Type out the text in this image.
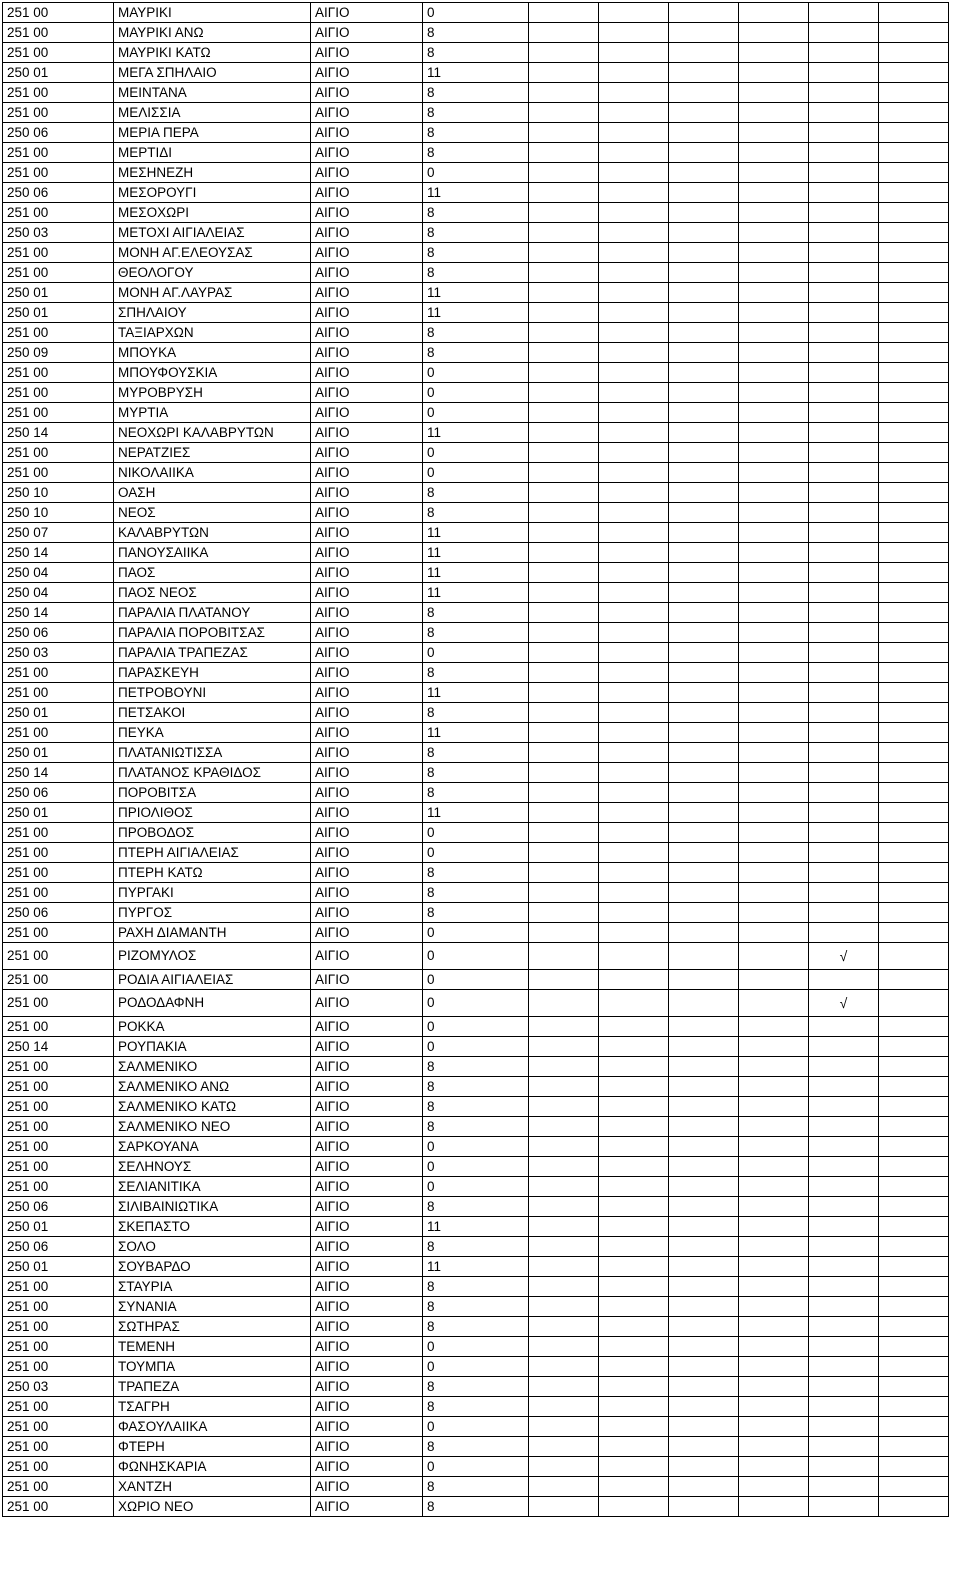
251 00	ΜΑΥΡΙΚΙ	ΑΙΓΙΟ	0						
251 00	ΜΑΥΡΙΚΙ ΑΝΩ	ΑΙΓΙΟ	8						
251 00	ΜΑΥΡΙΚΙ ΚΑΤΩ	ΑΙΓΙΟ	8						
250 01	ΜΕΓΑ ΣΠΗΛΑΙΟ	ΑΙΓΙΟ	11						
251 00	ΜΕΙΝΤΑΝΑ	ΑΙΓΙΟ	8						
251 00	ΜΕΛΙΣΣΙΑ	ΑΙΓΙΟ	8						
250 06	ΜΕΡΙΑ ΠΕΡΑ	ΑΙΓΙΟ	8						
251 00	ΜΕΡΤΙΔΙ	ΑΙΓΙΟ	8						
251 00	ΜΕΣΗΝΕΖΗ	ΑΙΓΙΟ	0						
250 06	ΜΕΣΟΡΟΥΓΙ	ΑΙΓΙΟ	11						
251 00	ΜΕΣΟΧΩΡΙ	ΑΙΓΙΟ	8						
250 03	ΜΕΤΟΧΙ ΑΙΓΙΑΛΕΙΑΣ	ΑΙΓΙΟ	8						
251 00	ΜΟΝΗ ΑΓ.ΕΛΕΟΥΣΑΣ	ΑΙΓΙΟ	8						
251 00	ΘΕΟΛΟΓΟΥ	ΑΙΓΙΟ	8						
250 01	ΜΟΝΗ ΑΓ.ΛΑΥΡΑΣ	ΑΙΓΙΟ	11						
250 01	ΣΠΗΛΑΙΟΥ	ΑΙΓΙΟ	11						
251 00	ΤΑΞΙΑΡΧΩΝ	ΑΙΓΙΟ	8						
250 09	ΜΠΟΥΚΑ	ΑΙΓΙΟ	8						
251 00	ΜΠΟΥΦΟΥΣΚΙΑ	ΑΙΓΙΟ	0						
251 00	ΜΥΡΟΒΡΥΣΗ	ΑΙΓΙΟ	0						
251 00	ΜΥΡΤΙΑ	ΑΙΓΙΟ	0						
250 14	ΝΕΟΧΩΡΙ ΚΑΛΑΒΡΥΤΩΝ	ΑΙΓΙΟ	11						
251 00	ΝΕΡΑΤΖΙΕΣ	ΑΙΓΙΟ	0						
251 00	ΝΙΚΟΛΑΙΙΚΑ	ΑΙΓΙΟ	0						
250 10	ΟΑΣΗ	ΑΙΓΙΟ	8						
250 10	ΝΕΟΣ	ΑΙΓΙΟ	8						
250 07	ΚΑΛΑΒΡΥΤΩΝ	ΑΙΓΙΟ	11						
250 14	ΠΑΝΟΥΣΑΙΙΚΑ	ΑΙΓΙΟ	11						
250 04	ΠΑΟΣ	ΑΙΓΙΟ	11						
250 04	ΠΑΟΣ ΝΕΟΣ	ΑΙΓΙΟ	11						
250 14	ΠΑΡΑΛΙΑ ΠΛΑΤΑΝΟΥ	ΑΙΓΙΟ	8						
250 06	ΠΑΡΑΛΙΑ ΠΟΡΟΒΙΤΣΑΣ	ΑΙΓΙΟ	8						
250 03	ΠΑΡΑΛΙΑ ΤΡΑΠΕΖΑΣ	ΑΙΓΙΟ	0						
251 00	ΠΑΡΑΣΚΕΥΗ	ΑΙΓΙΟ	8						
251 00	ΠΕΤΡΟΒΟΥΝΙ	ΑΙΓΙΟ	11						
250 01	ΠΕΤΣΑΚΟΙ	ΑΙΓΙΟ	8						
251 00	ΠΕΥΚΑ	ΑΙΓΙΟ	11						
250 01	ΠΛΑΤΑΝΙΩΤΙΣΣΑ	ΑΙΓΙΟ	8						
250 14	ΠΛΑΤΑΝΟΣ ΚΡΑΘΙΔΟΣ	ΑΙΓΙΟ	8						
250 06	ΠΟΡΟΒΙΤΣΑ	ΑΙΓΙΟ	8						
250 01	ΠΡΙΟΛΙΘΟΣ	ΑΙΓΙΟ	11						
251 00	ΠΡΟΒΟΔΟΣ	ΑΙΓΙΟ	0						
251 00	ΠΤΕΡΗ ΑΙΓΙΑΛΕΙΑΣ	ΑΙΓΙΟ	0						
251 00	ΠΤΕΡΗ ΚΑΤΩ	ΑΙΓΙΟ	8						
251 00	ΠΥΡΓΑΚΙ	ΑΙΓΙΟ	8						
250 06	ΠΥΡΓΟΣ	ΑΙΓΙΟ	8						
251 00	ΡΑΧΗ ΔΙΑΜΑΝΤΗ	ΑΙΓΙΟ	0						
251 00	ΡΙΖΟΜΥΛΟΣ	ΑΙΓΙΟ	0					√	
251 00	ΡΟΔΙΑ ΑΙΓΙΑΛΕΙΑΣ	ΑΙΓΙΟ	0						
251 00	ΡΟΔΟΔΑΦΝΗ	ΑΙΓΙΟ	0					√	
251 00	ΡΟΚΚΑ	ΑΙΓΙΟ	0						
250 14	ΡΟΥΠΑΚΙΑ	ΑΙΓΙΟ	0						
251 00	ΣΑΛΜΕΝΙΚΟ	ΑΙΓΙΟ	8						
251 00	ΣΑΛΜΕΝΙΚΟ ΑΝΩ	ΑΙΓΙΟ	8						
251 00	ΣΑΛΜΕΝΙΚΟ ΚΑΤΩ	ΑΙΓΙΟ	8						
251 00	ΣΑΛΜΕΝΙΚΟ ΝΕΟ	ΑΙΓΙΟ	8						
251 00	ΣΑΡΚΟΥΑΝΑ	ΑΙΓΙΟ	0						
251 00	ΣΕΛΗΝΟΥΣ	ΑΙΓΙΟ	0						
251 00	ΣΕΛΙΑΝΙΤΙΚΑ	ΑΙΓΙΟ	0						
250 06	ΣΙΛΙΒΑΙΝΙΩΤΙΚΑ	ΑΙΓΙΟ	8						
250 01	ΣΚΕΠΑΣΤΟ	ΑΙΓΙΟ	11						
250 06	ΣΟΛΟ	ΑΙΓΙΟ	8						
250 01	ΣΟΥΒΑΡΔΟ	ΑΙΓΙΟ	11						
251 00	ΣΤΑΥΡΙΑ	ΑΙΓΙΟ	8						
251 00	ΣΥΝΑΝΙΑ	ΑΙΓΙΟ	8						
251 00	ΣΩΤΗΡΑΣ	ΑΙΓΙΟ	8						
251 00	ΤΕΜΕΝΗ	ΑΙΓΙΟ	0						
251 00	ΤΟΥΜΠΑ	ΑΙΓΙΟ	0						
250 03	ΤΡΑΠΕΖΑ	ΑΙΓΙΟ	8						
251 00	ΤΣΑΓΡΗ	ΑΙΓΙΟ	8						
251 00	ΦΑΣΟΥΛΑΙΙΚΑ	ΑΙΓΙΟ	0						
251 00	ΦΤΕΡΗ	ΑΙΓΙΟ	8						
251 00	ΦΩΝΗΣΚΑΡΙΑ	ΑΙΓΙΟ	0						
251 00	ΧΑΝΤΖΗ	ΑΙΓΙΟ	8						
251 00	ΧΩΡΙΟ ΝΕΟ	ΑΙΓΙΟ	8						
